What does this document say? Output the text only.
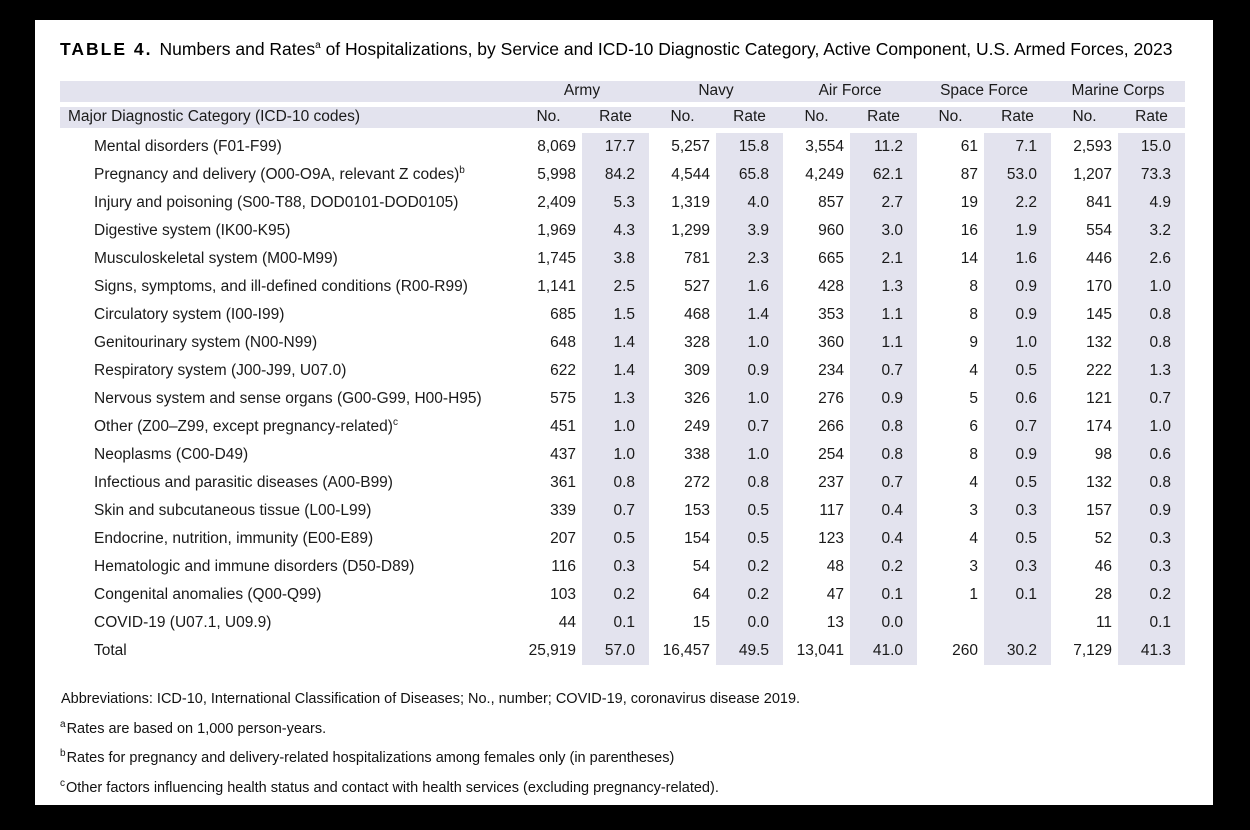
TABLE 4. Numbers and Rates$^a$ of Hospitalizations, by Service and ICD-10 Diagnostic Category, Active Component, U.S. Armed Forces, 2023
	Army		Navy		Air Force		Space Force		Marine Corps	
Major Diagnostic Category (ICD-10 codes)	No.	Rate	No.	Rate	No.	Rate	No.	Rate	No.	Rate
Mental disorders (F01-F99)	8,069	17.7	5,257	15.8	3,554	11.2	61	7.1	2,593	15.0
Pregnancy and delivery (O00-O9A, relevant Z codes)$^b$	5,998	84.2	4,544	65.8	4,249	62.1	87	53.0	1,207	73.3
Injury and poisoning (S00-T88, DOD0101-DOD0105)	2,409	5.3	1,319	4.0	857	2.7	19	2.2	841	4.9
Digestive system (IK00-K95)	1,969	4.3	1,299	3.9	960	3.0	16	1.9	554	3.2
Musculoskeletal system (M00-M99)	1,745	3.8	781	2.3	665	2.1	14	1.6	446	2.6
Signs, symptoms, and ill-defined conditions (R00-R99)	1,141	2.5	527	1.6	428	1.3	8	0.9	170	1.0
Circulatory system (I00-I99)	685	1.5	468	1.4	353	1.1	8	0.9	145	0.8
Genitourinary system (N00-N99)	648	1.4	328	1.0	360	1.1	9	1.0	132	0.8
Respiratory system (J00-J99, U07.0)	622	1.4	309	0.9	234	0.7	4	0.5	222	1.3
Nervous system and sense organs (G00-G99, H00-H95)	575	1.3	326	1.0	276	0.9	5	0.6	121	0.7
Other (Z00–Z99, except pregnancy-related)$^c$	451	1.0	249	0.7	266	0.8	6	0.7	174	1.0
Neoplasms (C00-D49)	437	1.0	338	1.0	254	0.8	8	0.9	98	0.6
Infectious and parasitic diseases (A00-B99)	361	0.8	272	0.8	237	0.7	4	0.5	132	0.8
Skin and subcutaneous tissue (L00-L99)	339	0.7	153	0.5	117	0.4	3	0.3	157	0.9
Endocrine, nutrition, immunity (E00-E89)	207	0.5	154	0.5	123	0.4	4	0.5	52	0.3
Hematologic and immune disorders (D50-D89)	116	0.3	54	0.2	48	0.2	3	0.3	46	0.3
Congenital anomalies (Q00-Q99)	103	0.2	64	0.2	47	0.1	1	0.1	28	0.2
COVID-19 (U07.1, U09.9)	44	0.1	15	0.0	13	0.0			11	0.1
Total	25,919	57.0	16,457	49.5	13,041	41.0	260	30.2	7,129	41.3
Abbreviations: ICD-10, International Classification of Diseases; No., number; COVID-19, coronavirus disease 2019.
$^a$Rates are based on 1,000 person-years.
$^b$Rates for pregnancy and delivery-related hospitalizations among females only (in parentheses)
$^c$Other factors influencing health status and contact with health services (excluding pregnancy-related).
